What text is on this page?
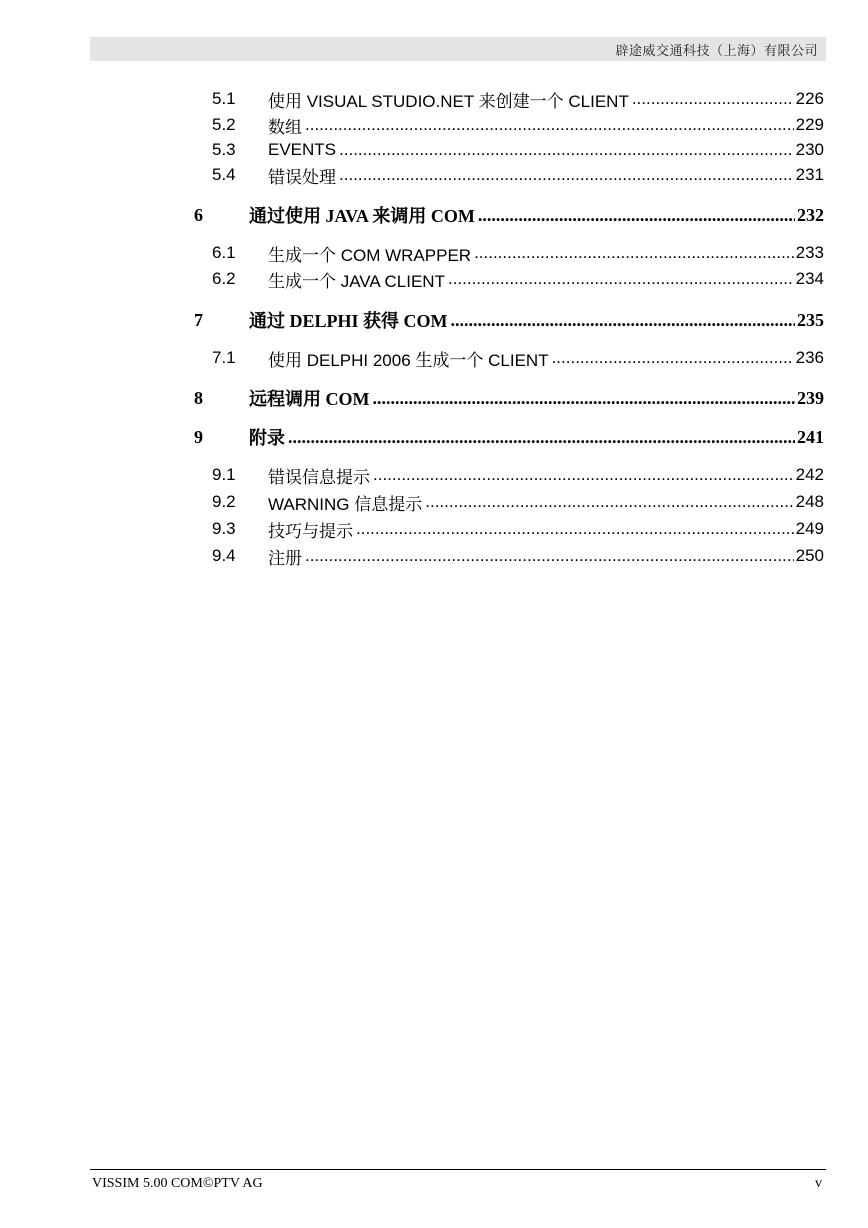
辟途威交通科技（上海）有限公司
5.1 使用 VISUAL STUDIO.NET 来创建一个 CLIENT .....	226
5.2 数组 .....	229
5.3 EVENTS .....	230
5.4 错误处理 .....	231
6	通过使用 JAVA 来调用 COM .....	232
6.1 生成一个 COM WRAPPER .....	233
6.2 生成一个 JAVA CLIENT .....	234
7	通过 DELPHI 获得 COM .....	235
7.1 使用 DELPHI 2006 生成一个 CLIENT .....	236
8	远程调用 COM .....	239
9	附录 .....	241
9.1 错误信息提示 .....	242
9.2 WARNING 信息提示 .....	248
9.3 技巧与提示 .....	249
9.4 注册 .....	250
VISSIM 5.00 COM©PTV AG	v
